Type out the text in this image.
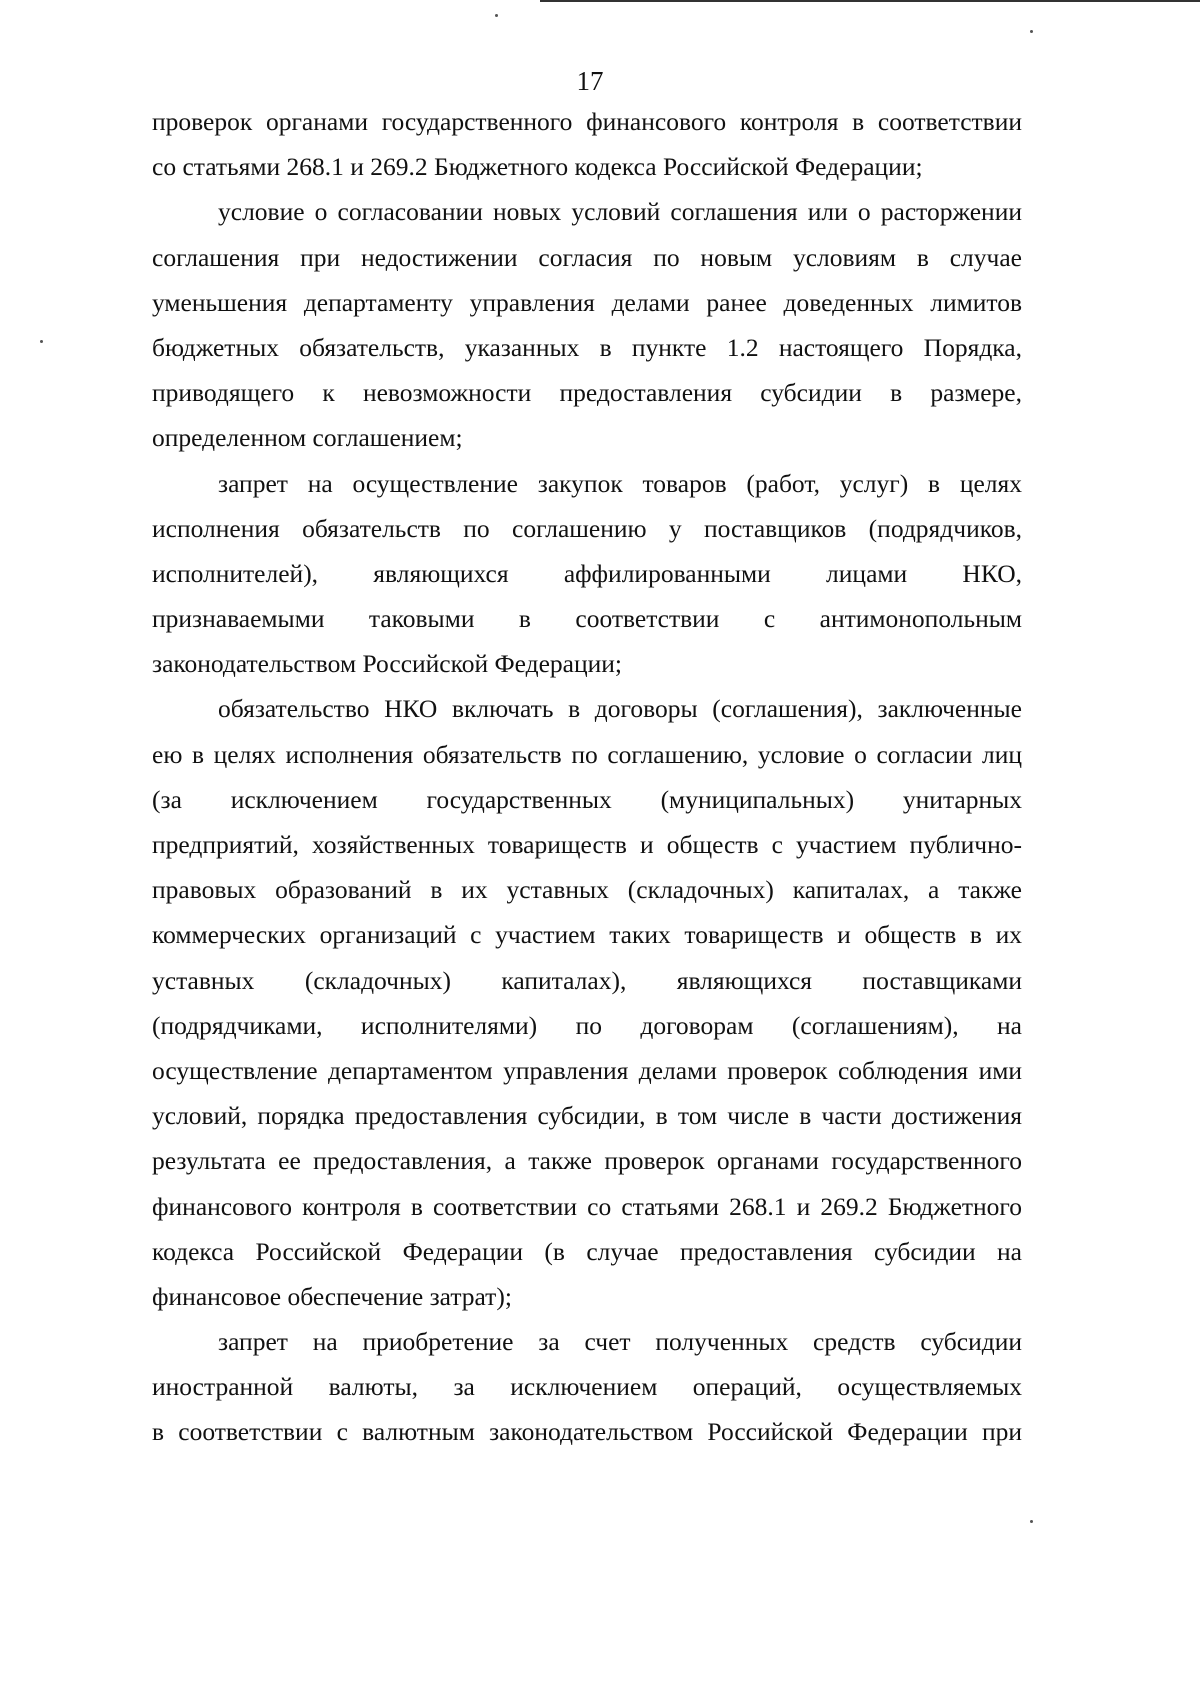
17
проверок органами государственного финансового контроля в соответствии
со статьями 268.1 и 269.2 Бюджетного кодекса Российской Федерации;
условие о согласовании новых условий соглашения или о расторжении
соглашения при недостижении согласия по новым условиям в случае
уменьшения департаменту управления делами ранее доведенных лимитов
бюджетных обязательств, указанных в пункте 1.2 настоящего Порядка,
приводящего к невозможности предоставления субсидии в размере,
определенном соглашением;
запрет на осуществление закупок товаров (работ, услуг) в целях
исполнения обязательств по соглашению у поставщиков (подрядчиков,
исполнителей), являющихся аффилированными лицами НКО,
признаваемыми таковыми в соответствии с антимонопольным
законодательством Российской Федерации;
обязательство НКО включать в договоры (соглашения), заключенные
ею в целях исполнения обязательств по соглашению, условие о согласии лиц
(за исключением государственных (муниципальных) унитарных
предприятий, хозяйственных товариществ и обществ с участием публично-
правовых образований в их уставных (складочных) капиталах, а также
коммерческих организаций с участием таких товариществ и обществ в их
уставных (складочных) капиталах), являющихся поставщиками
(подрядчиками, исполнителями) по договорам (соглашениям), на
осуществление департаментом управления делами проверок соблюдения ими
условий, порядка предоставления субсидии, в том числе в части достижения
результата ее предоставления, а также проверок органами государственного
финансового контроля в соответствии со статьями 268.1 и 269.2 Бюджетного
кодекса Российской Федерации (в случае предоставления субсидии на
финансовое обеспечение затрат);
запрет на приобретение за счет полученных средств субсидии
иностранной валюты, за исключением операций, осуществляемых
в соответствии с валютным законодательством Российской Федерации при
